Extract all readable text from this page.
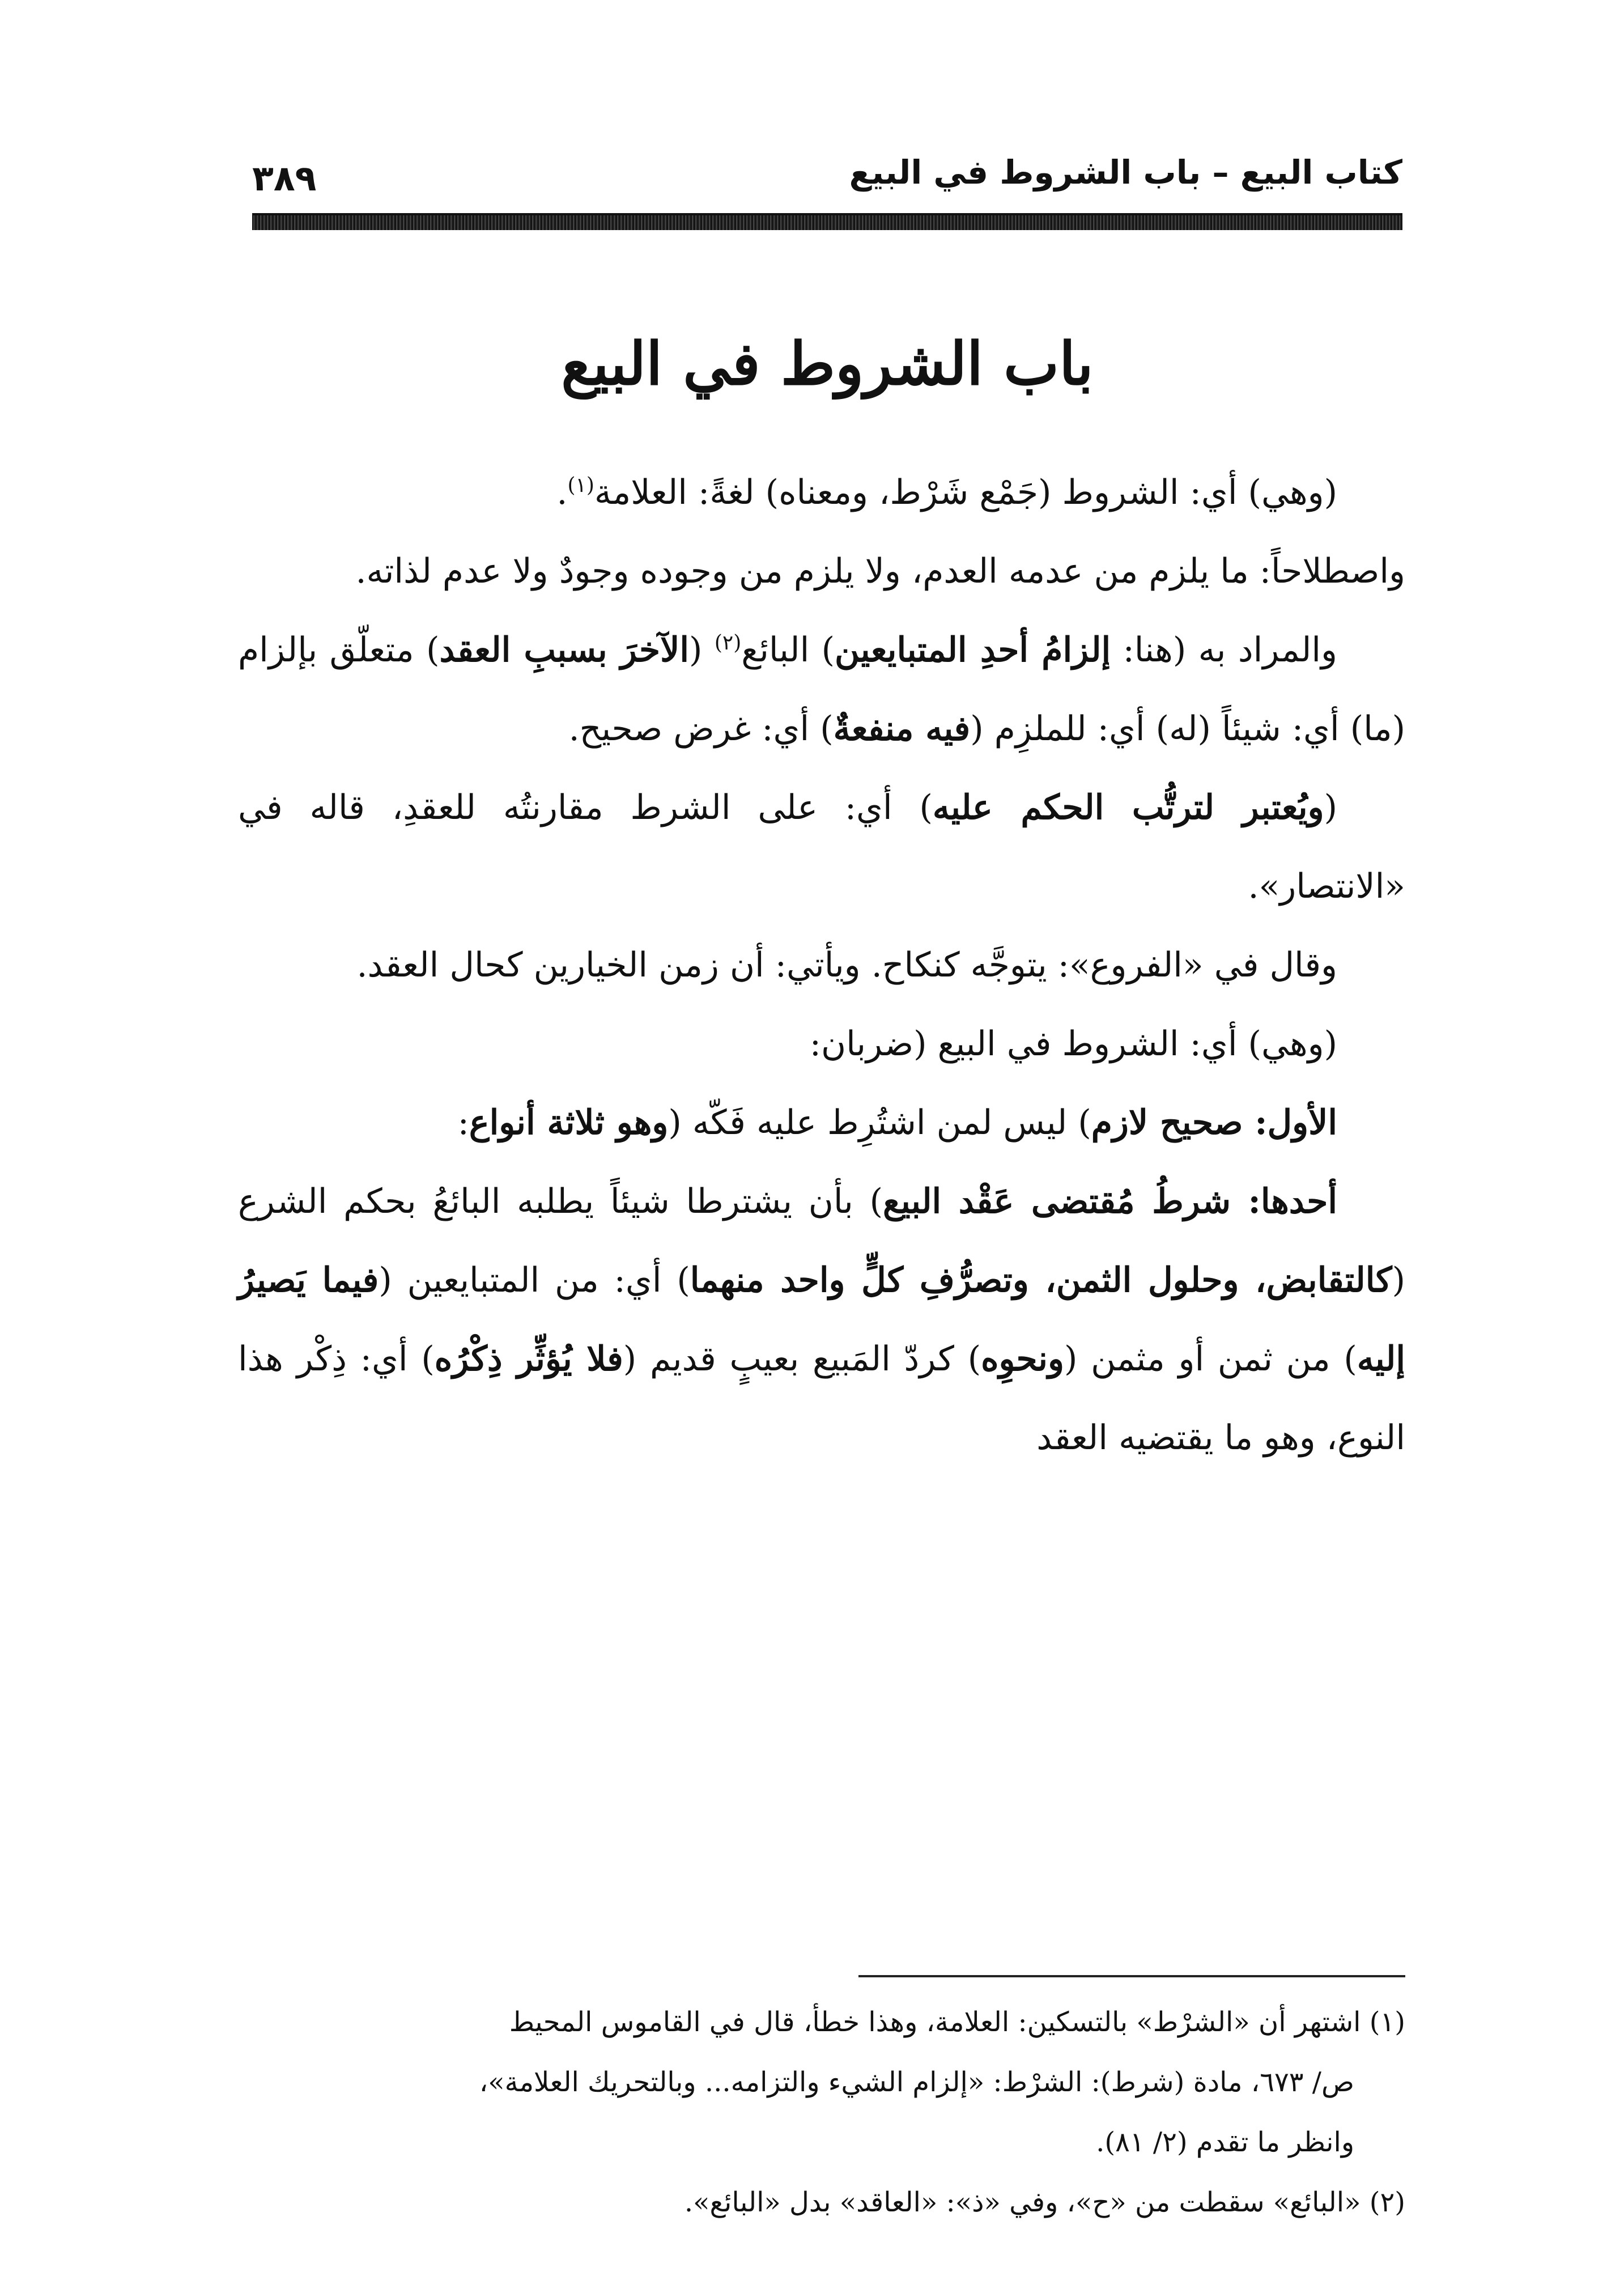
كتاب البيع – باب الشروط في البيع
٣٨٩
باب الشروط في البيع

(وهي) أي: الشروط (جَمْع شَرْط، ومعناه) لغةً: العلامة$^{(١)}$.

واصطلاحاً: ما يلزم من عدمه العدم، ولا يلزم من وجوده وجودٌ ولا عدم لذاته.

والمراد به (هنا: إلزامُ أحدِ المتبايعين) البائع$^{(٢)}$ (الآخرَ بسببِ العقد) متعلّق بإلزام (ما) أي: شيئاً (له) أي: للملزِم (فيه منفعةٌ) أي: غرض صحيح.

(ويُعتبر لترتُّب الحكم عليه) أي: على الشرط مقارنتُه للعقدِ، قاله في «الانتصار».

وقال في «الفروع»: يتوجَّه كنكاح. ويأتي: أن زمن الخيارين كحال العقد.

(وهي) أي: الشروط في البيع (ضربان:

الأول: صحيح لازم) ليس لمن اشتُرِط عليه فَكّه (وهو ثلاثة أنواع:

أحدها: شرطُ مُقتضى عَقْد البيع) بأن يشترطا شيئاً يطلبه البائعُ بحكم الشرع (كالتقابض، وحلول الثمن، وتصرُّفِ كلٍّ واحد منهما) أي: من المتبايعين (فيما يَصيرُ إليه) من ثمن أو مثمن (ونحوِه) كردّ المَبيع بعيبٍ قديم (فلا يُؤثِّر ذِكْرُه) أي: ذِكْر هذا النوع، وهو ما يقتضيه العقد

(١) اشتهر أن «الشرْط» بالتسكين: العلامة، وهذا خطأ، قال في القاموس المحيط

ص/ ٦٧٣، مادة (شرط): الشرْط: «إلزام الشيء والتزامه... وبالتحريك العلامة»،

وانظر ما تقدم (٢/ ٨١).

(٢) «البائع» سقطت من «ح»، وفي «ذ»: «العاقد» بدل «البائع».
